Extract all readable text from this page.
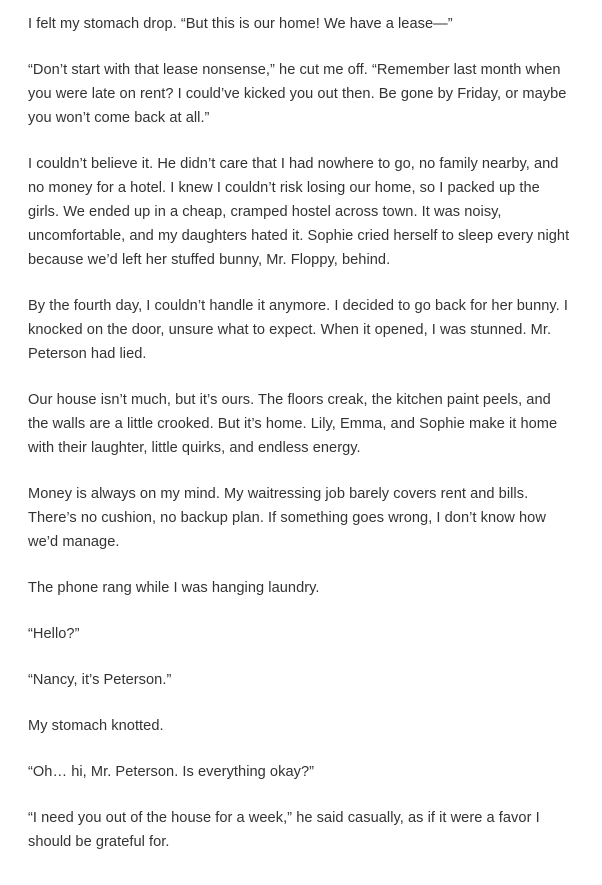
I felt my stomach drop. “But this is our home! We have a lease—”

“Don’t start with that lease nonsense,” he cut me off. “Remember last month when you were late on rent? I could’ve kicked you out then. Be gone by Friday, or maybe you won’t come back at all.”

I couldn’t believe it. He didn’t care that I had nowhere to go, no family nearby, and no money for a hotel. I knew I couldn’t risk losing our home, so I packed up the girls. We ended up in a cheap, cramped hostel across town. It was noisy, uncomfortable, and my daughters hated it. Sophie cried herself to sleep every night because we’d left her stuffed bunny, Mr. Floppy, behind.

By the fourth day, I couldn’t handle it anymore. I decided to go back for her bunny. I knocked on the door, unsure what to expect. When it opened, I was stunned. Mr. Peterson had lied.

Our house isn’t much, but it’s ours. The floors creak, the kitchen paint peels, and the walls are a little crooked. But it’s home. Lily, Emma, and Sophie make it home with their laughter, little quirks, and endless energy.

Money is always on my mind. My waitressing job barely covers rent and bills. There’s no cushion, no backup plan. If something goes wrong, I don’t know how we’d manage.

The phone rang while I was hanging laundry.

“Hello?”

“Nancy, it’s Peterson.”

My stomach knotted.

“Oh… hi, Mr. Peterson. Is everything okay?”

“I need you out of the house for a week,” he said casually, as if it were a favor I should be grateful for.
